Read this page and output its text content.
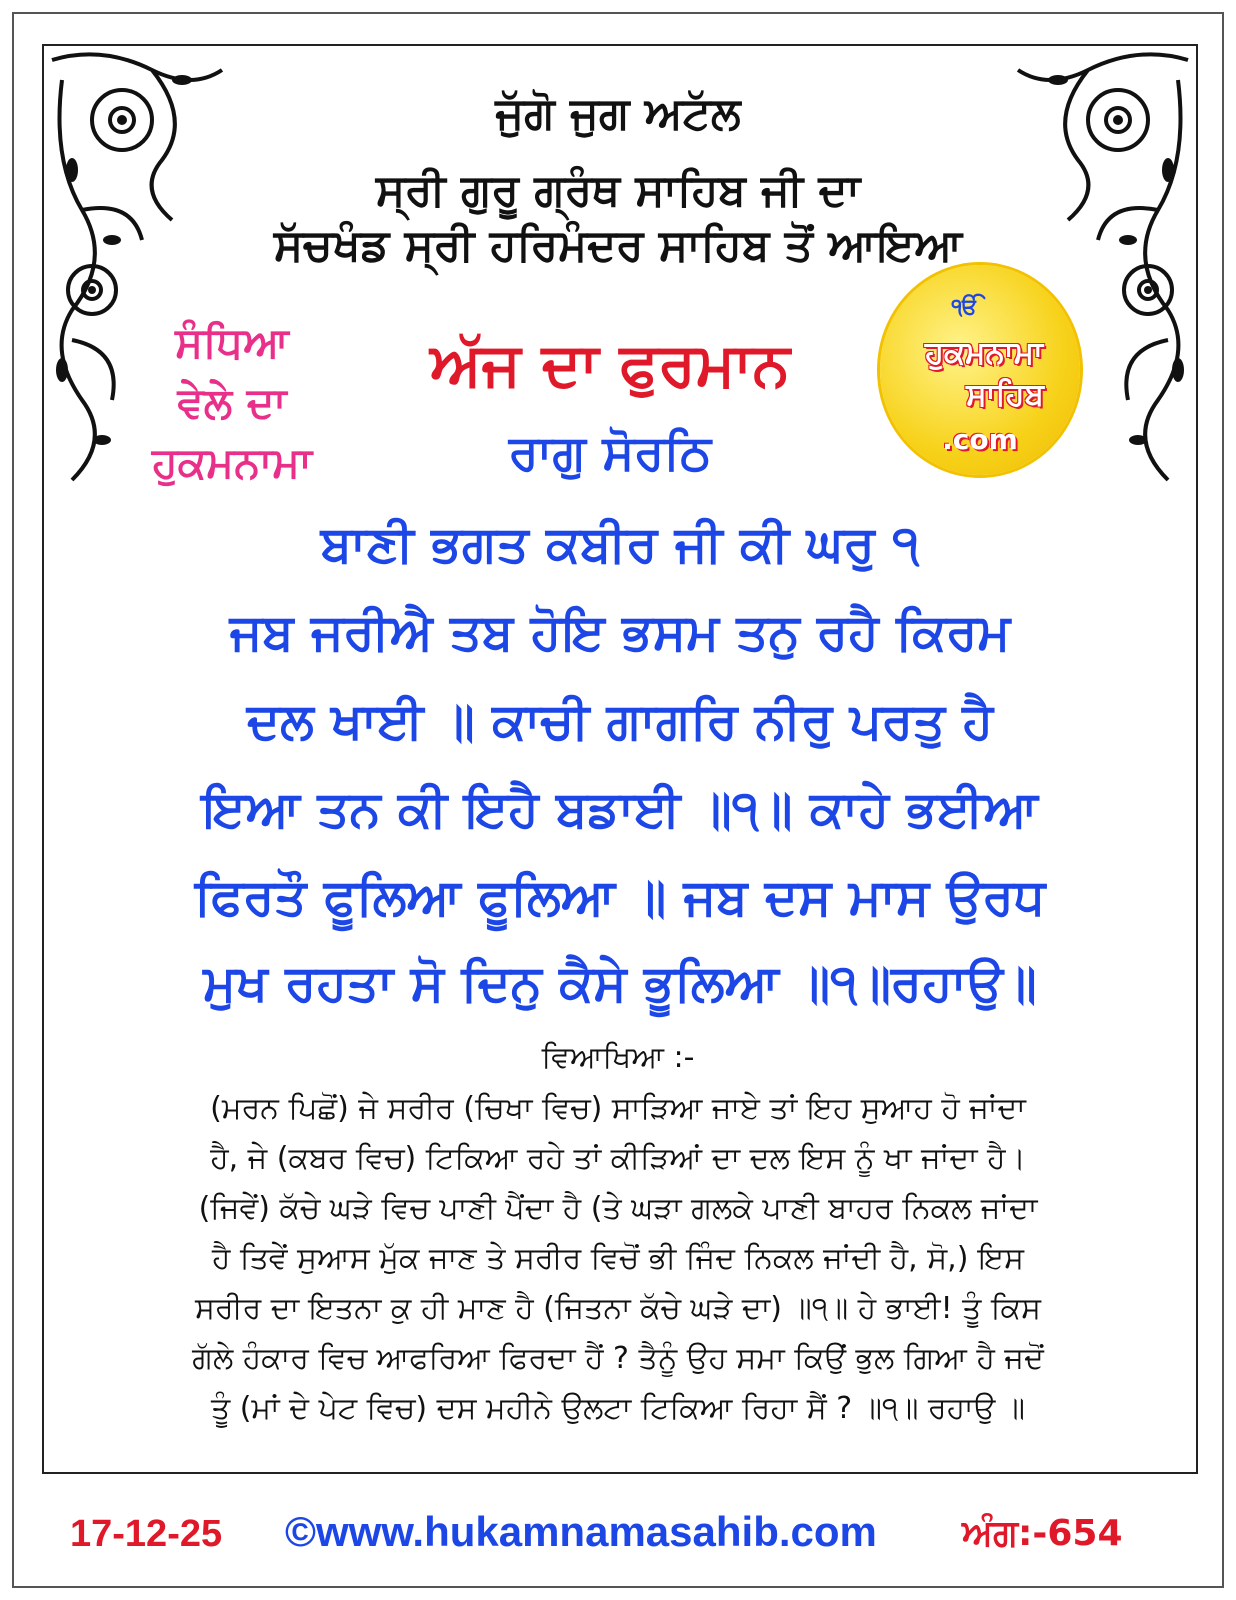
ਜੁੱਗੋ ਜੁਗ ਅਟੱਲ
ਸ੍ਰੀ ਗੁਰੂ ਗ੍ਰੰਥ ਸਾਹਿਬ ਜੀ ਦਾ
ਸੱਚਖੰਡ ਸ੍ਰੀ ਹਰਿਮੰਦਰ ਸਾਹਿਬ ਤੋਂ ਆਇਆ
ਸੰਧਿਆ
ਵੇਲੇ ਦਾ
ਹੁਕਮਨਾਮਾ
ਅੱਜ ਦਾ ਫੁਰਮਾਨ
ਰਾਗੁ ਸੋਰਠਿ
ੴ
ਹੁਕਮਨਾਮਾ
ਸਾਹਿਬ
.com
ਬਾਣੀ ਭਗਤ ਕਬੀਰ ਜੀ ਕੀ ਘਰੁ ੧
ਜਬ ਜਰੀਐ ਤਬ ਹੋਇ ਭਸਮ ਤਨੁ ਰਹੈ ਕਿਰਮ
ਦਲ ਖਾਈ ॥ ਕਾਚੀ ਗਾਗਰਿ ਨੀਰੁ ਪਰਤੁ ਹੈ
ਇਆ ਤਨ ਕੀ ਇਹੈ ਬਡਾਈ ॥੧॥ ਕਾਹੇ ਭਈਆ
ਫਿਰਤੌ ਫੂਲਿਆ ਫੂਲਿਆ ॥ ਜਬ ਦਸ ਮਾਸ ਉਰਧ
ਮੁਖ ਰਹਤਾ ਸੋ ਦਿਨੁ ਕੈਸੇ ਭੂਲਿਆ ॥੧॥ਰਹਾਉ॥
ਵਿਆਖਿਆ :-
(ਮਰਨ ਪਿਛੋਂ) ਜੇ ਸਰੀਰ (ਚਿਖਾ ਵਿਚ) ਸਾੜਿਆ ਜਾਏ ਤਾਂ ਇਹ ਸੁਆਹ ਹੋ ਜਾਂਦਾ
ਹੈ, ਜੇ (ਕਬਰ ਵਿਚ) ਟਿਕਿਆ ਰਹੇ ਤਾਂ ਕੀੜਿਆਂ ਦਾ ਦਲ ਇਸ ਨੂੰ ਖਾ ਜਾਂਦਾ ਹੈ।
(ਜਿਵੇਂ) ਕੱਚੇ ਘੜੇ ਵਿਚ ਪਾਣੀ ਪੈਂਦਾ ਹੈ (ਤੇ ਘੜਾ ਗਲਕੇ ਪਾਣੀ ਬਾਹਰ ਨਿਕਲ ਜਾਂਦਾ
ਹੈ ਤਿਵੇਂ ਸੁਆਸ ਮੁੱਕ ਜਾਣ ਤੇ ਸਰੀਰ ਵਿਚੋਂ ਭੀ ਜਿੰਦ ਨਿਕਲ ਜਾਂਦੀ ਹੈ, ਸੋ,) ਇਸ
ਸਰੀਰ ਦਾ ਇਤਨਾ ਕੁ ਹੀ ਮਾਣ ਹੈ (ਜਿਤਨਾ ਕੱਚੇ ਘੜੇ ਦਾ) ॥੧॥ ਹੇ ਭਾਈ! ਤੂੰ ਕਿਸ
ਗੱਲੇ ਹੰਕਾਰ ਵਿਚ ਆਫਰਿਆ ਫਿਰਦਾ ਹੈਂ ? ਤੈਨੂੰ ਉਹ ਸਮਾ ਕਿਉਂ ਭੁਲ ਗਿਆ ਹੈ ਜਦੋਂ
ਤੂੰ (ਮਾਂ ਦੇ ਪੇਟ ਵਿਚ) ਦਸ ਮਹੀਨੇ ਉਲਟਾ ਟਿਕਿਆ ਰਿਹਾ ਸੈਂ ? ॥੧॥ ਰਹਾਉ ॥
17-12-25 ©www.hukamnamasahib.com ਅੰਗ:-654
